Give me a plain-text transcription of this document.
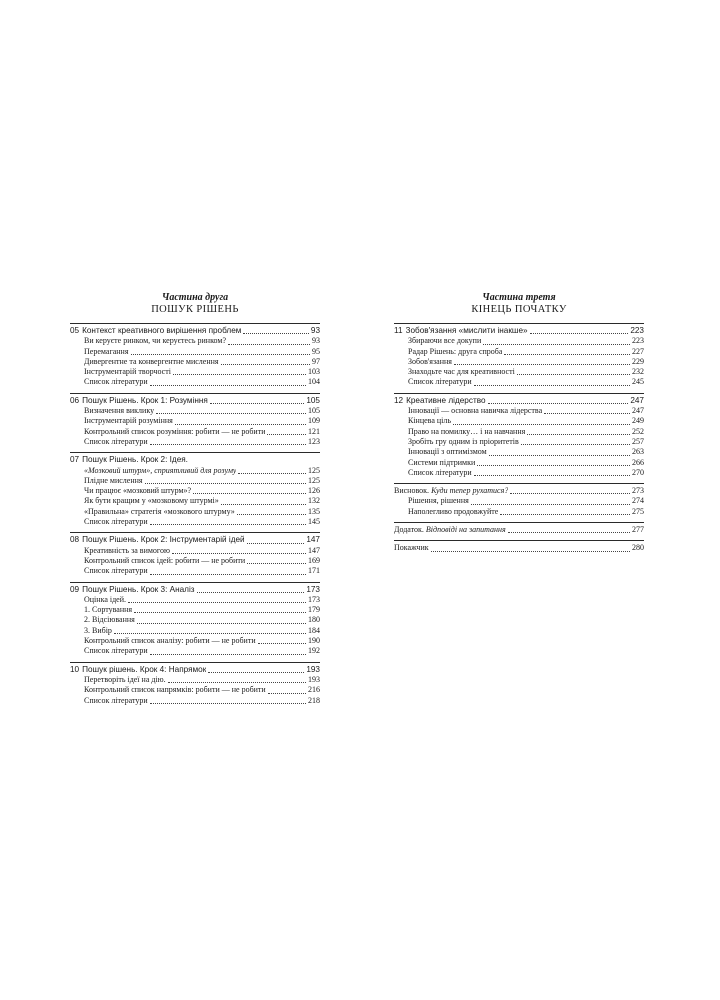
Частина друга
ПОШУК РІШЕНЬ
05 Контекст креативного вирішення проблем	93
Ви керуєте ринком, чи керуєтесь ринком?	93
Перемагання	95
Дивергентне та конвергентне мислення	97
Інструментарій творчості	103
Список літератури	104
06 Пошук Рішень. Крок 1: Розуміння	105
Визначення виклику	105
Інструментарій розуміння	109
Контрольний список розуміння: робити — не робити	121
Список літератури	123
07 Пошук Рішень. Крок 2: Ідея.
«Мозковий штурм», сприятливий для розуму	125
Плідне мислення	125
Чи працює «мозковий штурм»?	126
Як бути кращим у «мозковому штурмі»	132
«Правильна» стратегія «мозкового штурму»	135
Список літератури	145
08 Пошук Рішень. Крок 2: Інструментарій ідей	147
Креативність за вимогою	147
Контрольний список ідей: робити — не робити	169
Список літератури	171
09 Пошук Рішень. Крок 3: Аналіз	173
Оцінка ідей.	173
1. Сортування	179
2. Відсіювання	180
3. Вибір	184
Контрольний список аналізу: робити — не робити	190
Список літератури	192
10 Пошук рішень. Крок 4: Напрямок	193
Перетворіть ідеї на дію.	193
Контрольний список напрямків: робити — не робити	216
Список літератури	218
Частина третя
КІНЕЦЬ ПОЧАТКУ
11 Зобов'язання «мислити інакше»	223
Збираючи все докупи	223
Радар Рішень: друга спроба	227
Зобов'язання	229
Знаходьте час для креативності	232
Список літератури	245
12 Креативне лідерство	247
Інновації — основна навичка лідерства	247
Кінцева ціль	249
Право на помилку… і на навчання	252
Зробіть гру одним із пріоритетів	257
Інновації з оптимізмом	263
Системи підтримки	266
Список літератури	270
Висновок. Куди тепер рухатися?	273
Рішення, рішення	274
Наполегливо продовжуйте	275
Додаток. Відповіді на запитання	277
Покажчик	280
